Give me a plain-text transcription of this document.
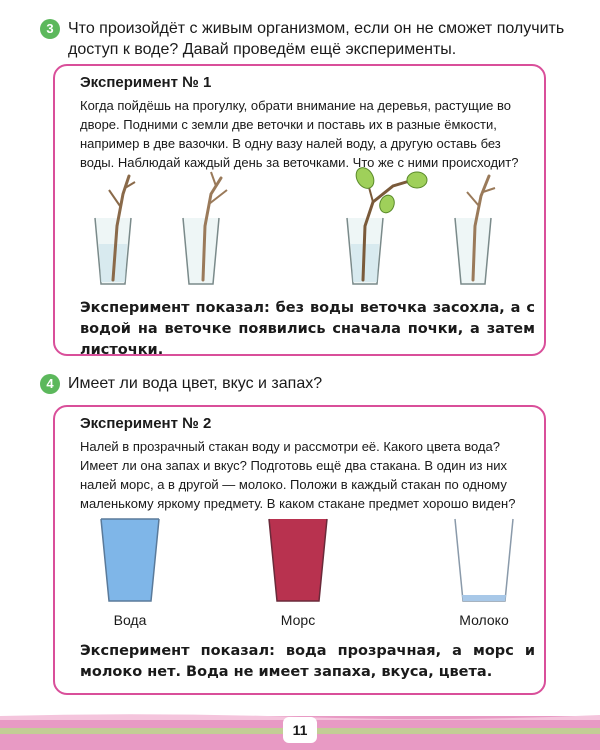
3 Что произойдёт с живым организмом, если он не сможет получить доступ к воде? Давай проведём ещё эксперименты.
Эксперимент № 1
Когда пойдёшь на прогулку, обрати внимание на деревья, растущие во дворе. Подними с земли две веточки и поставь их в разные ёмкости, например в две вазочки. В одну вазу налей воду, а другую оставь без воды. Наблюдай каждый день за веточками. Что же с ними происходит?
Эксперимент показал: без воды веточка засохла, а с водой на веточке появились сначала почки, а затем листочки.
4 Имеет ли вода цвет, вкус и запах?
Эксперимент № 2
Налей в прозрачный стакан воду и рассмотри её. Какого цвета вода? Имеет ли она запах и вкус? Подготовь ещё два стакана. В один из них налей морс, а в другой — молоко. Положи в каждый стакан по одному маленькому яркому предмету. В каком стакане предмет хорошо виден?
Вода	Морс	Молоко
Эксперимент показал: вода прозрачная, а морс и молоко нет. Вода не имеет запаха, вкуса, цвета.
11
